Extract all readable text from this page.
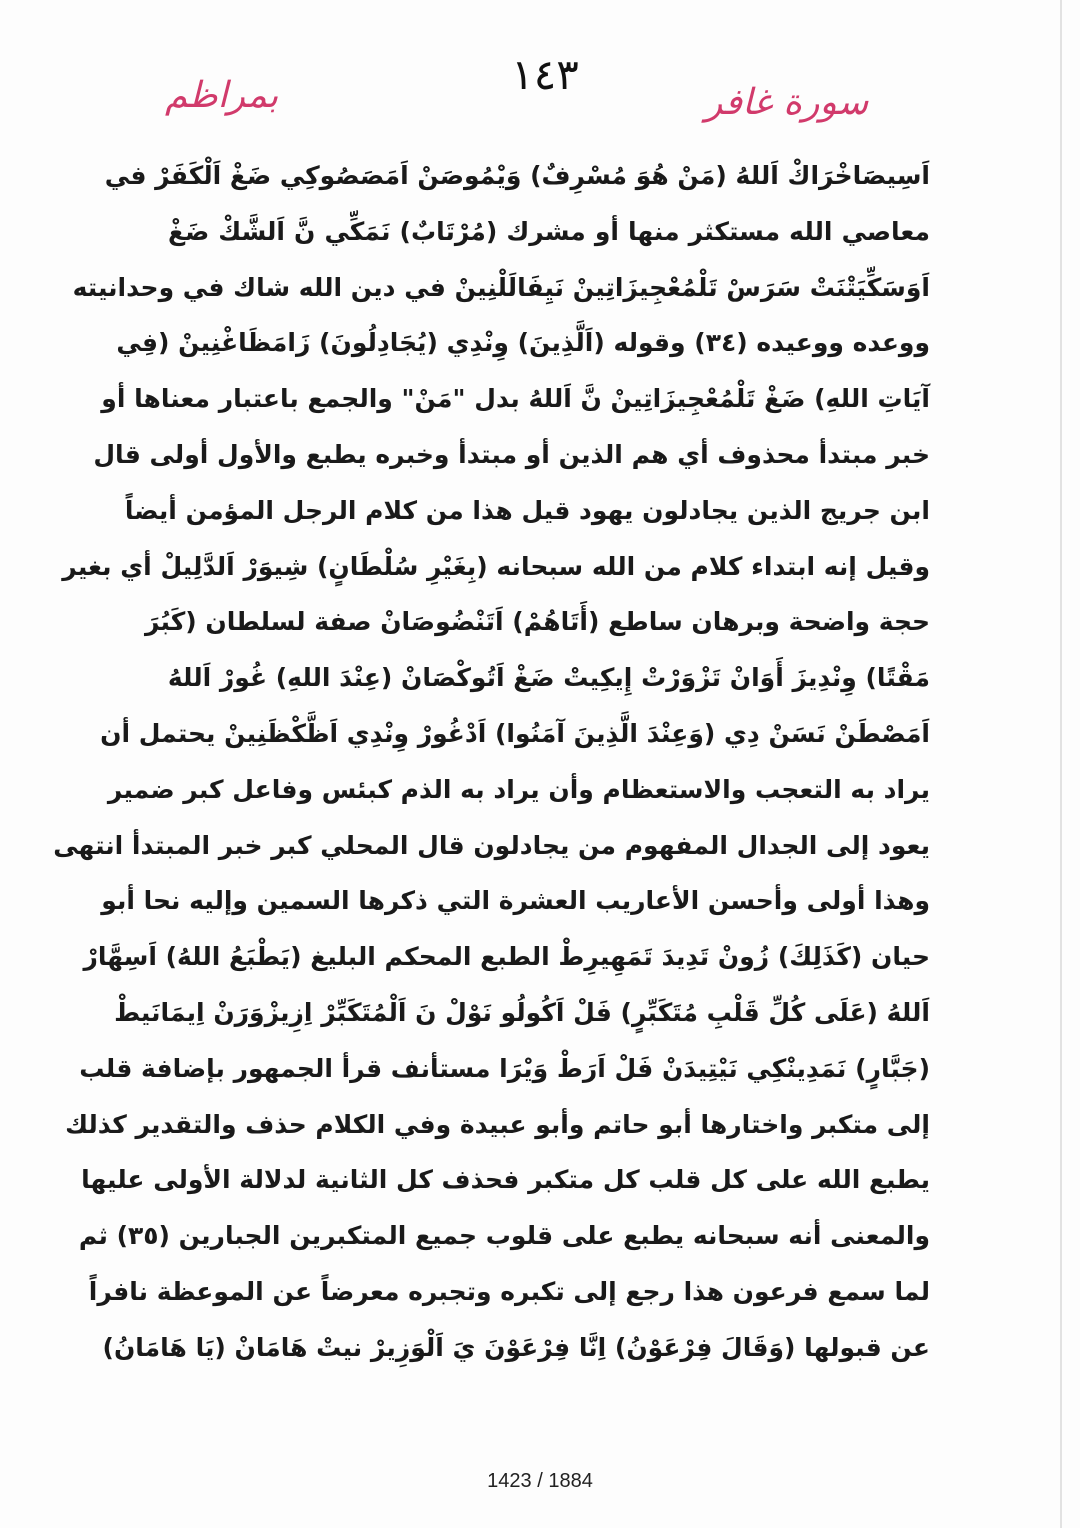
بمراظم	١٤٣
سورة غافر
اَسِيصَاخْرَاكْ اَللهُ (مَنْ هُوَ مُسْرِفٌ) وَيْمُوصَنْ اَمَصَصُوكِي ضَغْ اَلْكَفَرْ في
معاصي الله مستكثر منها أو مشرك (مُرْتَابٌ) نَمَكِّي نَّ اَلشَّكْ ضَغْ
اَوَسَكِّيَتْنَتْ سَرَسْ تَلْمُعْجِيزَاتِينْ نَيِفَالَلْنِينْ في دين الله شاك في وحدانيته
ووعده ووعيده (٣٤) وقوله (اَلَّذِينَ) وِنْدِي (يُجَادِلُونَ) زَامَظَاغْنِينْ (فِي
آيَاتِ اللهِ) ضَغْ تَلْمُعْجِيزَاتِينْ نَّ اَللهُ بدل "مَنْ" والجمع باعتبار معناها أو
خبر مبتدأ محذوف أي هم الذين أو مبتدأ وخبره يطبع والأول أولى قال
ابن جريج الذين يجادلون يهود قيل هذا من كلام الرجل المؤمن أيضاً
وقيل إنه ابتداء كلام من الله سبحانه (بِغَيْرِ سُلْطَانٍ) شِيوَرْ اَلدَّلِيلْ أي بغير
حجة واضحة وبرهان ساطع (أَتَاهُمْ) اَتَنْضُوصَانْ صفة لسلطان (كَبُرَ
مَقْتًا) وِنْدِيزَ أَوَانْ تَزْوَرْتْ إِيكِيتْ ضَغْ اَتُوكْصَانْ (عِنْدَ اللهِ) غُورْ اَللهُ
اَمَصْطَنْ نَسَنْ دِي (وَعِنْدَ الَّذِينَ آمَنُوا) اَدْغُورْ وِنْدِي اَظَّكْظَنِينْ يحتمل أن
يراد به التعجب والاستعظام وأن يراد به الذم كبئس وفاعل كبر ضمير
يعود إلى الجدال المفهوم من يجادلون قال المحلي كبر خبر المبتدأ انتهى
وهذا أولى وأحسن الأعاريب العشرة التي ذكرها السمين وإليه نحا أبو
حيان (كَذَلِكَ) زُونْ تَدِيدَ تَمَهِيرِطْ الطبع المحكم البليغ (يَطْبَعُ اللهُ) اَسِهَّارْ
اَللهُ (عَلَى كُلِّ قَلْبِ مُتَكَبِّرٍ) فَلْ اَكُولُو نَوْلْ نَ اَلْمُتَكَبِّرْ اِزِيزْوَرَنْ اِيمَانَيطْ
(جَبَّارٍ) نَمَدِينْكِي نَيْتِيدَنْ فَلْ اَرَطْ وَيْرَا مستأنف قرأ الجمهور بإضافة قلب
إلى متكبر واختارها أبو حاتم وأبو عبيدة وفي الكلام حذف والتقدير كذلك
يطبع الله على كل قلب كل متكبر فحذف كل الثانية لدلالة الأولى عليها
والمعنى أنه سبحانه يطبع على قلوب جميع المتكبرين الجبارين (٣٥) ثم
لما سمع فرعون هذا رجع إلى تكبره وتجبره معرضاً عن الموعظة نافراً
عن قبولها (وَقَالَ فِرْعَوْنُ) اِنَّا فِرْعَوْنَ يَ اَلْوَزِيرْ نيتْ هَامَانْ (يَا هَامَانُ)
1423 / 1884
